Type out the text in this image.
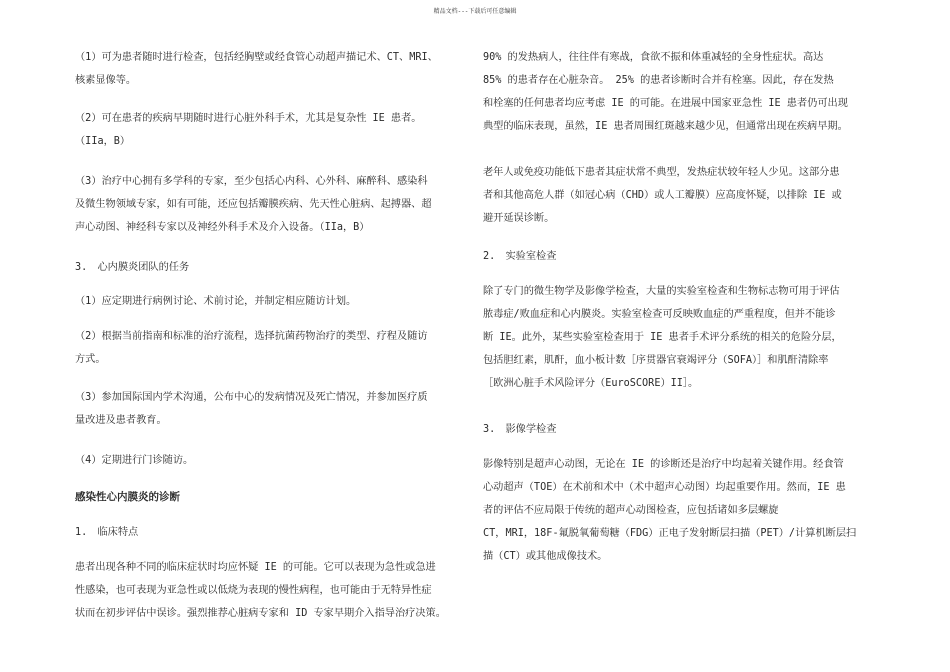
精品文档---下载后可任意编辑
（1）可为患者随时进行检查，包括经胸壁或经食管心动超声描记术、CT、MRI、
核素显像等。
（2）可在患者的疾病早期随时进行心脏外科手术，尤其是复杂性 IE 患者。
（IIa，B）
（3）治疗中心拥有多学科的专家，至少包括心内科、心外科、麻醉科、感染科
及微生物领域专家，如有可能，还应包括瓣膜疾病、先天性心脏病、起搏器、超
声心动图、神经科专家以及神经外科手术及介入设备。（IIa，B）
3.　心内膜炎团队的任务
（1）应定期进行病例讨论、术前讨论，并制定相应随访计划。
（2）根据当前指南和标准的治疗流程，选择抗菌药物治疗的类型、疗程及随访
方式。
（3）参加国际国内学术沟通，公布中心的发病情况及死亡情况，并参加医疗质
量改进及患者教育。
（4）定期进行门诊随访。
感染性心内膜炎的诊断
1.　临床特点
患者出现各种不同的临床症状时均应怀疑 IE 的可能。它可以表现为急性或急进
性感染，也可表现为亚急性或以低烧为表现的慢性病程，也可能由于无特异性症
状而在初步评估中误诊。强烈推荐心脏病专家和 ID 专家早期介入指导治疗决策。
90% 的发热病人，往往伴有寒战，食欲不振和体重减轻的全身性症状。高达
85% 的患者存在心脏杂音。 25% 的患者诊断时合并有栓塞。因此，存在发热
和栓塞的任何患者均应考虑 IE 的可能。在进展中国家亚急性 IE 患者仍可出现
典型的临床表现，虽然，IE 患者周围红斑越来越少见，但通常出现在疾病早期。
老年人或免疫功能低下患者其症状常不典型，发热症状较年轻人少见。这部分患
者和其他高危人群（如冠心病（CHD）或人工瓣膜）应高度怀疑，以排除 IE 或
避开延误诊断。
2.　实验室检查
除了专门的微生物学及影像学检查，大量的实验室检查和生物标志物可用于评估
脓毒症/败血症和心内膜炎。实验室检查可反映败血症的严重程度，但并不能诊
断 IE。此外，某些实验室检查用于 IE 患者手术评分系统的相关的危险分层，
包括胆红素，肌酐，血小板计数［序贯器官衰竭评分（SOFA）］和肌酐清除率
［欧洲心脏手术风险评分（EuroSCORE）II］。
3.　影像学检查
影像特别是超声心动图，无论在 IE 的诊断还是治疗中均起着关键作用。经食管
心动超声（TOE）在术前和术中（术中超声心动图）均起重要作用。然而，IE 患
者的评估不应局限于传统的超声心动图检查，应包括诸如多层螺旋
CT，MRI，18F-氟脱氧葡萄糖（FDG）正电子发射断层扫描（PET）/计算机断层扫
描（CT）或其他成像技术。
